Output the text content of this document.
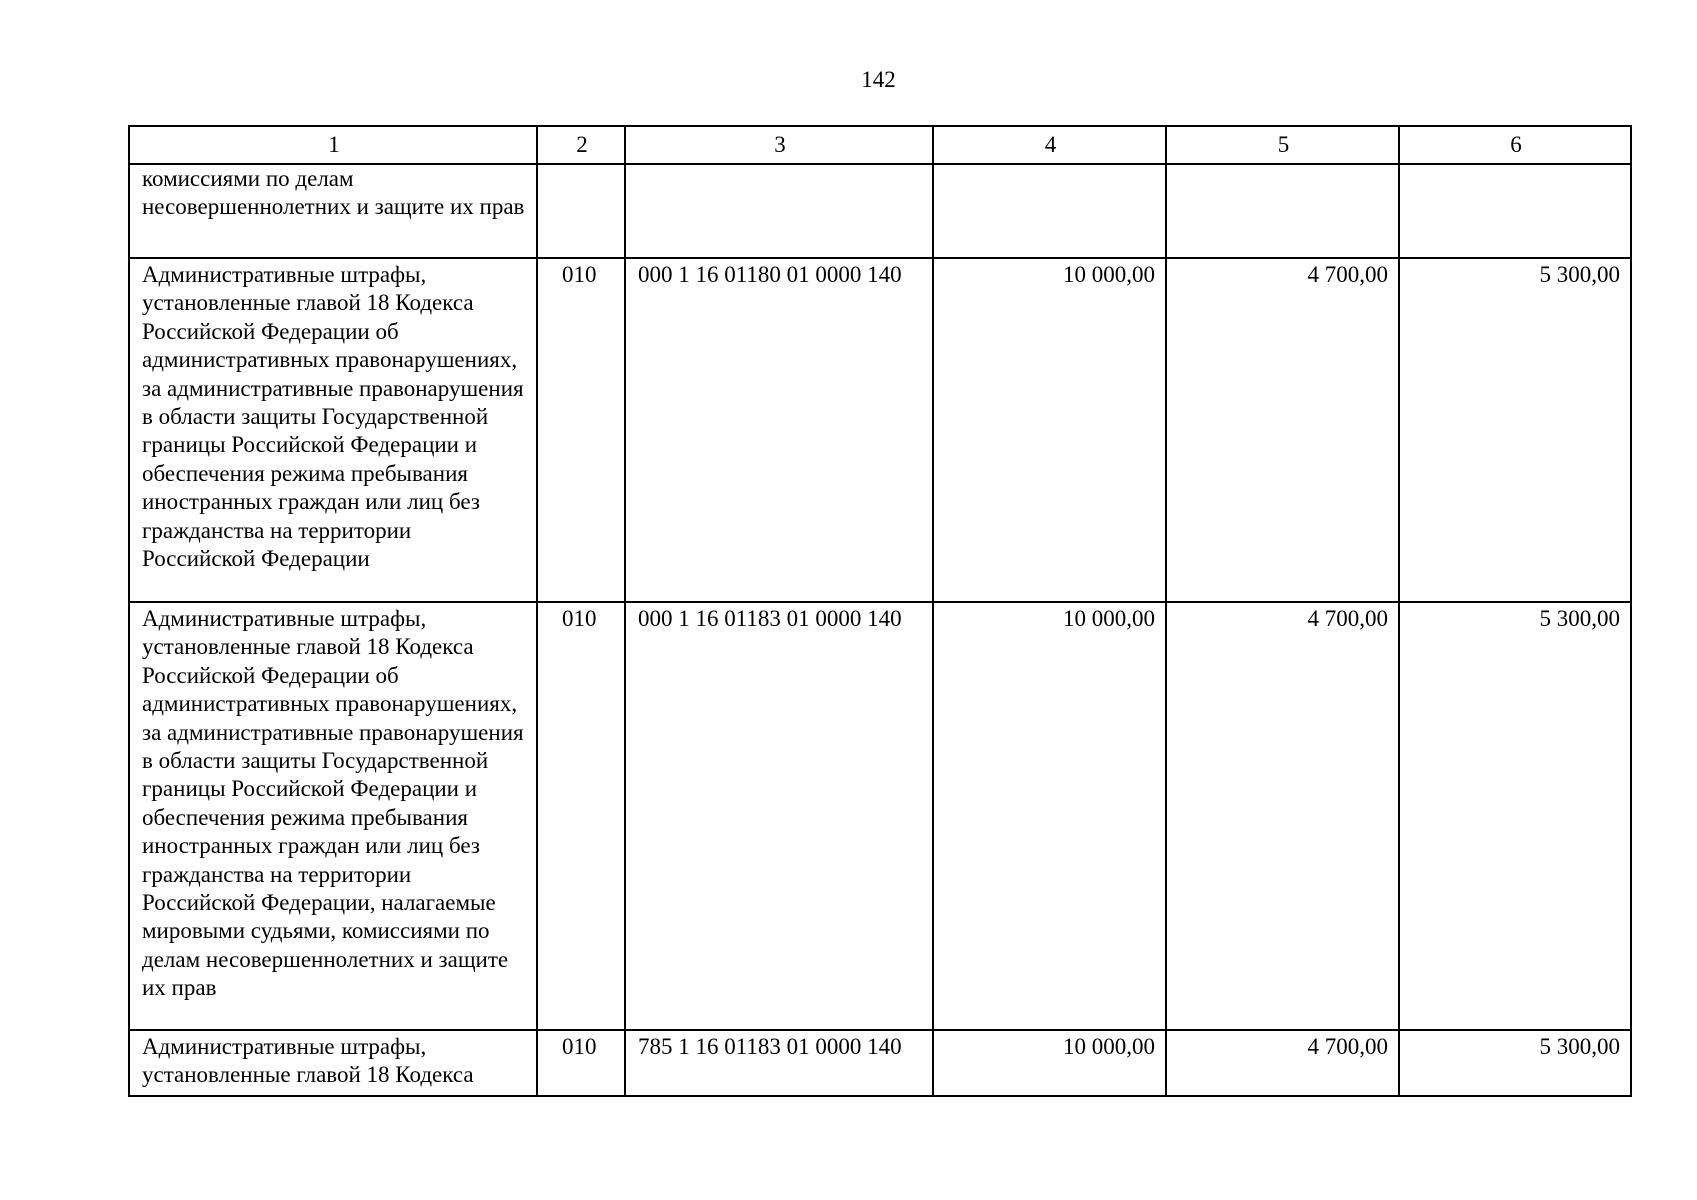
142
1	2	3	4	5	6
комиссиями по делам несовершеннолетних и защите их прав					
Административные штрафы, установленные главой 18 Кодекса Российской Федерации об административных правонарушениях, за административные правонарушения в области защиты Государственной границы Российской Федерации и обеспечения режима пребывания иностранных граждан или лиц без гражданства на территории Российской Федерации	010	000 1 16 01180 01 0000 140	10 000,00	4 700,00	5 300,00
Административные штрафы, установленные главой 18 Кодекса Российской Федерации об административных правонарушениях, за административные правонарушения в области защиты Государственной границы Российской Федерации и обеспечения режима пребывания иностранных граждан или лиц без гражданства на территории Российской Федерации, налагаемые мировыми судьями, комиссиями по делам несовершеннолетних и защите их прав	010	000 1 16 01183 01 0000 140	10 000,00	4 700,00	5 300,00
Административные штрафы, установленные главой 18 Кодекса	010	785 1 16 01183 01 0000 140	10 000,00	4 700,00	5 300,00
